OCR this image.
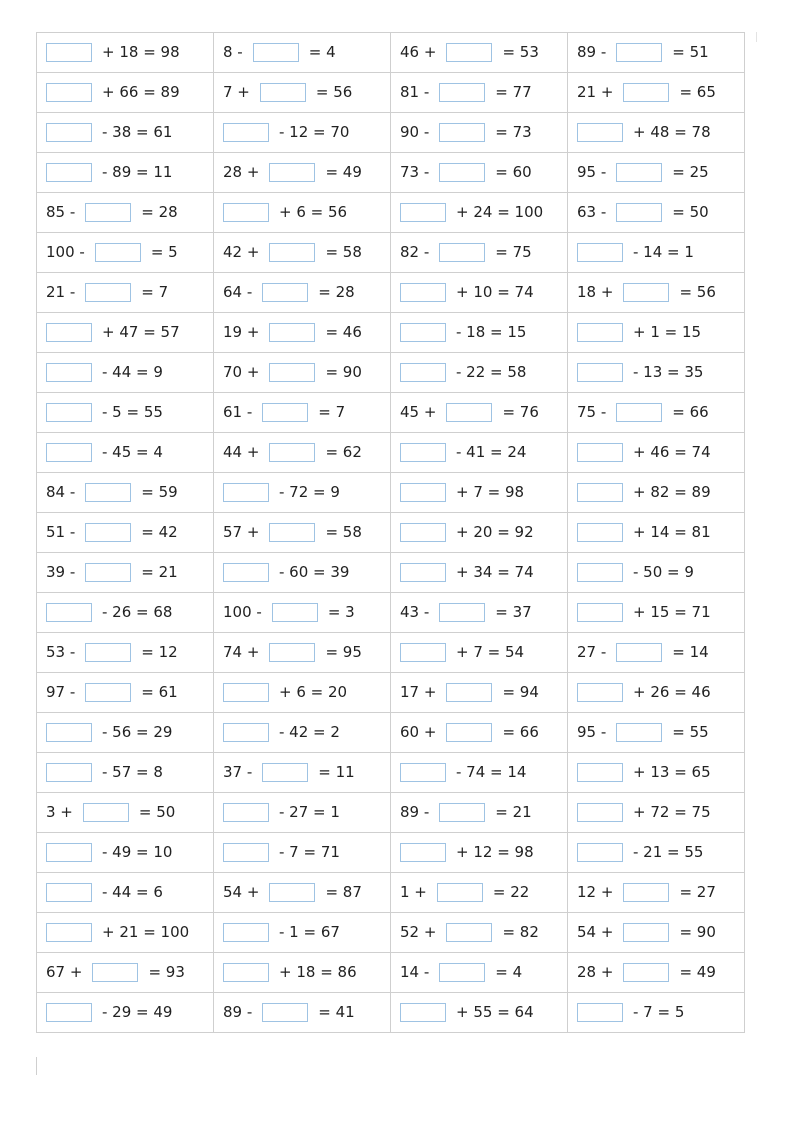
+ 18 = 98	8 - = 4	46 + = 53	89 - = 51
+ 66 = 89	7 + = 56	81 - = 77	21 + = 65
- 38 = 61	- 12 = 70	90 - = 73	+ 48 = 78
- 89 = 11	28 + = 49	73 - = 60	95 - = 25
85 - = 28	+ 6 = 56	+ 24 = 100	63 - = 50
100 - = 5	42 + = 58	82 - = 75	- 14 = 1
21 - = 7	64 - = 28	+ 10 = 74	18 + = 56
+ 47 = 57	19 + = 46	- 18 = 15	+ 1 = 15
- 44 = 9	70 + = 90	- 22 = 58	- 13 = 35
- 5 = 55	61 - = 7	45 + = 76	75 - = 66
- 45 = 4	44 + = 62	- 41 = 24	+ 46 = 74
84 - = 59	- 72 = 9	+ 7 = 98	+ 82 = 89
51 - = 42	57 + = 58	+ 20 = 92	+ 14 = 81
39 - = 21	- 60 = 39	+ 34 = 74	- 50 = 9
- 26 = 68	100 - = 3	43 - = 37	+ 15 = 71
53 - = 12	74 + = 95	+ 7 = 54	27 - = 14
97 - = 61	+ 6 = 20	17 + = 94	+ 26 = 46
- 56 = 29	- 42 = 2	60 + = 66	95 - = 55
- 57 = 8	37 - = 11	- 74 = 14	+ 13 = 65
3 + = 50	- 27 = 1	89 - = 21	+ 72 = 75
- 49 = 10	- 7 = 71	+ 12 = 98	- 21 = 55
- 44 = 6	54 + = 87	1 + = 22	12 + = 27
+ 21 = 100	- 1 = 67	52 + = 82	54 + = 90
67 + = 93	+ 18 = 86	14 - = 4	28 + = 49
- 29 = 49	89 - = 41	+ 55 = 64	- 7 = 5
